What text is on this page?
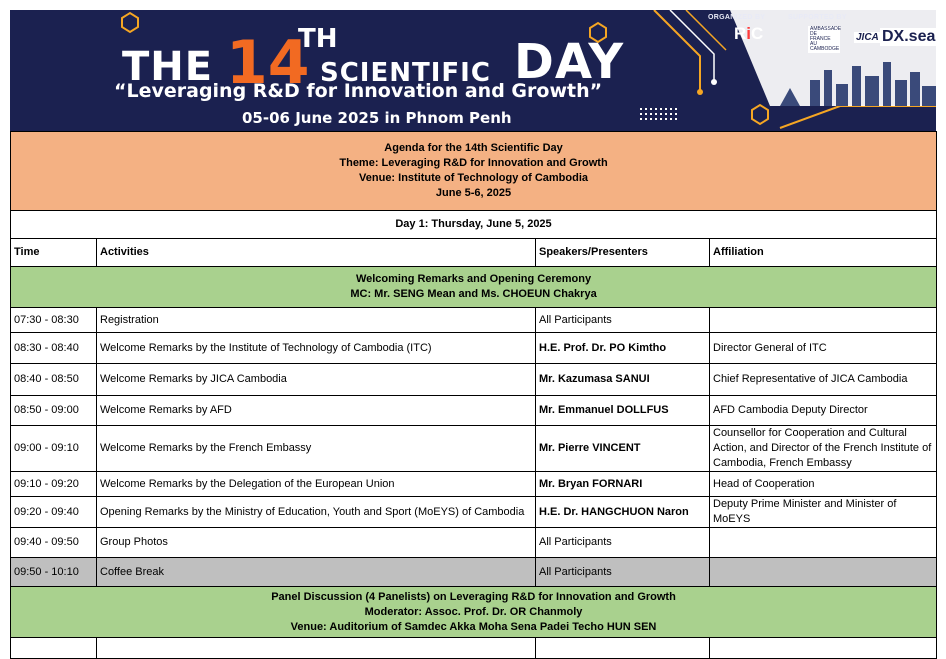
THE 14
TH
SCIENTIFIC DAY
“Leveraging R&D for Innovation and Growth”
05-06 June 2025 in Phnom Penh
ORGANIZED BY	SUPPORTED BY
RiC	AMBASSADE DE FRANCE AU CAMBODGE
JICA DX.sea
Agenda for the 14th Scientific Day
Theme: Leveraging R&D for Innovation and Growth
Venue: Institute of Technology of Cambodia
June 5-6, 2025			

Day 1: Thursday, June 5, 2025			
Time	Activities	Speakers/Presenters	Affiliation

Welcoming Remarks and Opening Ceremony
MC: Mr. SENG Mean and Ms. CHOEUN Chakrya			

07:30 - 08:30	Registration	All Participants	
08:30 - 08:40	Welcome Remarks by the Institute of Technology of Cambodia (ITC)	H.E. Prof. Dr. PO Kimtho	Director General of ITC
08:40 - 08:50	Welcome Remarks by JICA Cambodia	Mr. Kazumasa SANUI	Chief Representative of JICA Cambodia
08:50 - 09:00	Welcome Remarks by AFD	Mr. Emmanuel DOLLFUS	AFD Cambodia Deputy Director
09:00 - 09:10	Welcome Remarks by the French Embassy	Mr. Pierre VINCENT	Counsellor for Cooperation and Cultural Action, and Director of the French Institute of Cambodia, French Embassy
09:10 - 09:20	Welcome Remarks by the Delegation of the European Union	Mr. Bryan FORNARI	Head of Cooperation
09:20 - 09:40	Opening Remarks by the Ministry of Education, Youth and Sport (MoEYS) of Cambodia	H.E. Dr. HANGCHUON Naron	Deputy Prime Minister and Minister of MoEYS
09:40 - 09:50	Group Photos	All Participants	
09:50 - 10:10	Coffee Break	All Participants	

Panel Discussion (4 Panelists) on Leveraging R&D for Innovation and Growth
Moderator: Assoc. Prof. Dr. OR Chanmoly
Venue: Auditorium of Samdec Akka Moha Sena Padei Techo HUN SEN			
